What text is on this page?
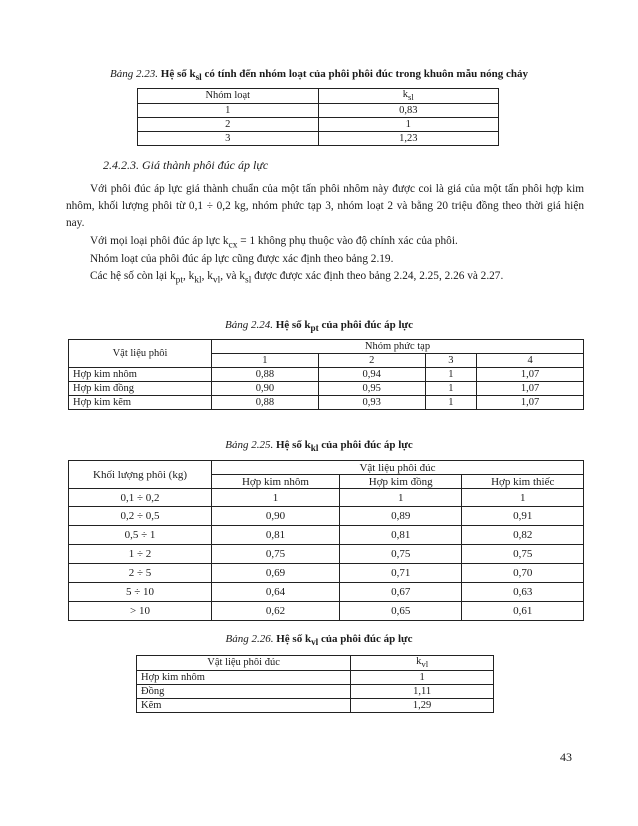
Bảng 2.23. Hệ số $k_{sl}$ có tính đến nhóm loạt của phôi phôi đúc trong khuôn mẫu nóng chảy
Nhóm loạt	$k_{sl}$
1	0,83
2	1
3	1,23
2.4.2.3. Giá thành phôi đúc áp lực
Với phôi đúc áp lực giá thành chuẩn của một tấn phôi nhôm này được coi là giá của một tấn phôi hợp kim nhôm, khối lượng phôi từ 0,1 ÷ 0,2 kg, nhóm phức tạp 3, nhóm loạt 2 và bằng 20 triệu đồng theo thời giá hiện nay.
Với mọi loại phôi đúc áp lực $k_{cx} = 1$ không phụ thuộc vào độ chính xác của phôi.
Nhóm loạt của phôi đúc áp lực cũng được xác định theo bảng 2.19.
Các hệ số còn lại $k_{pt}$, $k_{kl}$, $k_{vl}$, và $k_{sl}$ được được xác định theo bảng 2.24, 2.25, 2.26 và 2.27.
Bảng 2.24. Hệ số $k_{pt}$ của phôi đúc áp lực
Vật liệu phôi	Nhóm phức tạp			
	1	2	3	4
Hợp kim nhôm	0,88	0,94	1	1,07
Hợp kim đồng	0,90	0,95	1	1,07
Hợp kim kẽm	0,88	0,93	1	1,07
Bảng 2.25. Hệ số $k_{kl}$ của phôi đúc áp lực
Khối lượng phôi (kg)	Vật liệu phôi đúc		
	Hợp kim nhôm	Hợp kim đồng	Hợp kim thiếc
0,1 ÷ 0,2	1	1	1
0,2 ÷ 0,5	0,90	0,89	0,91
0,5 ÷ 1	0,81	0,81	0,82
1 ÷ 2	0,75	0,75	0,75
2 ÷ 5	0,69	0,71	0,70
5 ÷ 10	0,64	0,67	0,63
> 10	0,62	0,65	0,61
Bảng 2.26. Hệ số $k_{vl}$ của phôi đúc áp lực
Vật liệu phôi đúc	$k_{vl}$
Hợp kim nhôm	1
Đồng	1,11
Kẽm	1,29
43
